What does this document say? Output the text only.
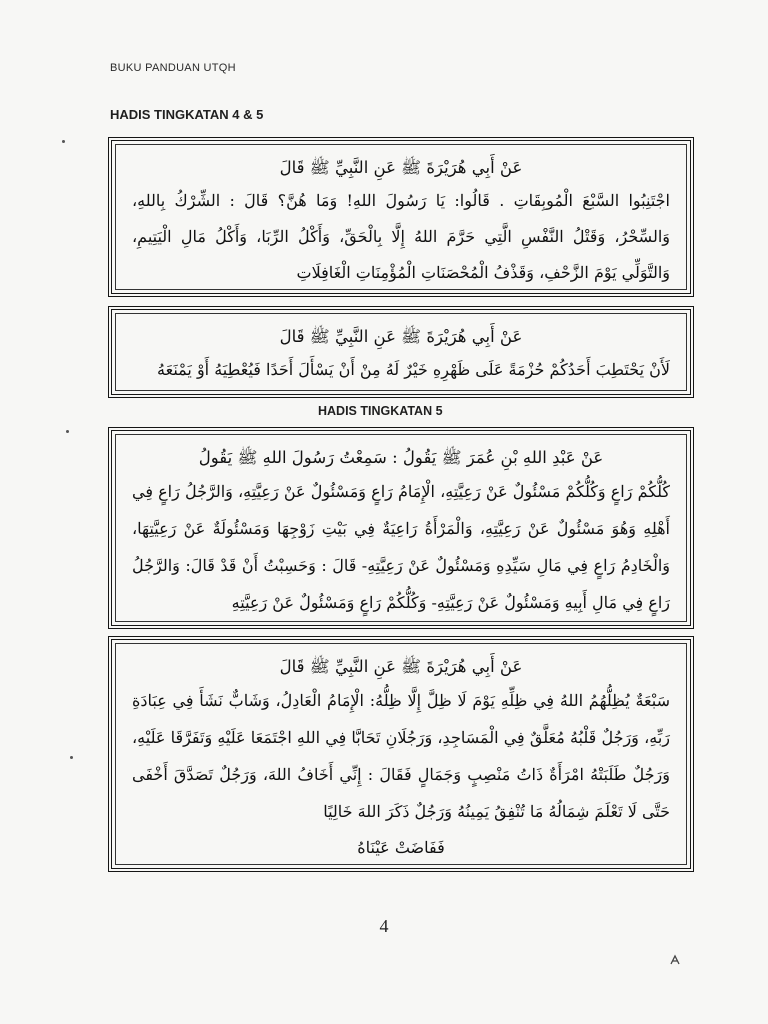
BUKU PANDUAN UTQH
HADIS TINGKATAN 4 & 5
عَنْ أَبِي هُرَيْرَةَ ﷺ عَنِ النَّبِيِّ ﷺ قَالَ
اجْتَنِبُوا السَّبْعَ الْمُوبِقَاتِ . قَالُوا: يَا رَسُولَ اللهِ! وَمَا هُنَّ؟ قَالَ : الشِّرْكُ بِاللهِ، وَالسِّحْرُ، وَقَتْلُ النَّفْسِ الَّتِي حَرَّمَ اللهُ إِلَّا بِالْحَقِّ، وَأَكْلُ الرِّبَا، وَأَكْلُ مَالِ الْيَتِيمِ، وَالتَّوَلِّي يَوْمَ الزَّحْفِ، وَقَذْفُ الْمُحْصَنَاتِ الْمُؤْمِنَاتِ الْغَافِلَاتِ
عَنْ أَبِي هُرَيْرَةَ ﷺ عَنِ النَّبِيِّ ﷺ قَالَ
لَأَنْ يَحْتَطِبَ أَحَدُكُمْ حُزْمَةً عَلَى ظَهْرِهِ خَيْرٌ لَهُ مِنْ أَنْ يَسْأَلَ أَحَدًا فَيُعْطِيَهُ أَوْ يَمْنَعَهُ
HADIS TINGKATAN 5
عَنْ عَبْدِ اللهِ بْنِ عُمَرَ ﷺ يَقُولُ : سَمِعْتُ رَسُولَ اللهِ ﷺ يَقُولُ
كُلُّكُمْ رَاعٍ وَكُلُّكُمْ مَسْئُولٌ عَنْ رَعِيَّتِهِ، الْإِمَامُ رَاعٍ وَمَسْئُولٌ عَنْ رَعِيَّتِهِ، وَالرَّجُلُ رَاعٍ فِي أَهْلِهِ وَهُوَ مَسْئُولٌ عَنْ رَعِيَّتِهِ، وَالْمَرْأَةُ رَاعِيَةٌ فِي بَيْتِ زَوْجِهَا وَمَسْئُولَةٌ عَنْ رَعِيَّتِهَا، وَالْخَادِمُ رَاعٍ فِي مَالِ سَيِّدِهِ وَمَسْئُولٌ عَنْ رَعِيَّتِهِ- قَالَ : وَحَسِبْتُ أَنْ قَدْ قَالَ: وَالرَّجُلُ رَاعٍ فِي مَالِ أَبِيهِ وَمَسْئُولٌ عَنْ رَعِيَّتِهِ- وَكُلُّكُمْ رَاعٍ وَمَسْئُولٌ عَنْ رَعِيَّتِهِ
عَنْ أَبِي هُرَيْرَةَ ﷺ عَنِ النَّبِيِّ ﷺ قَالَ
سَبْعَةٌ يُظِلُّهُمُ اللهُ فِي ظِلِّهِ يَوْمَ لَا ظِلَّ إِلَّا ظِلُّهُ: الْإِمَامُ الْعَادِلُ، وَشَابٌّ نَشَأَ فِي عِبَادَةِ رَبِّهِ، وَرَجُلٌ قَلْبُهُ مُعَلَّقٌ فِي الْمَسَاجِدِ، وَرَجُلَانِ تَحَابَّا فِي اللهِ اجْتَمَعَا عَلَيْهِ وَتَفَرَّقَا عَلَيْهِ، وَرَجُلٌ طَلَبَتْهُ امْرَأَةٌ ذَاتُ مَنْصِبٍ وَجَمَالٍ فَقَالَ : إِنِّي أَخَافُ اللهَ، وَرَجُلٌ تَصَدَّقَ أَخْفَى حَتَّى لَا تَعْلَمَ شِمَالُهُ مَا تُنْفِقُ يَمِينُهُ وَرَجُلٌ ذَكَرَ اللهَ خَالِيًا
فَفَاضَتْ عَيْنَاهُ
4
